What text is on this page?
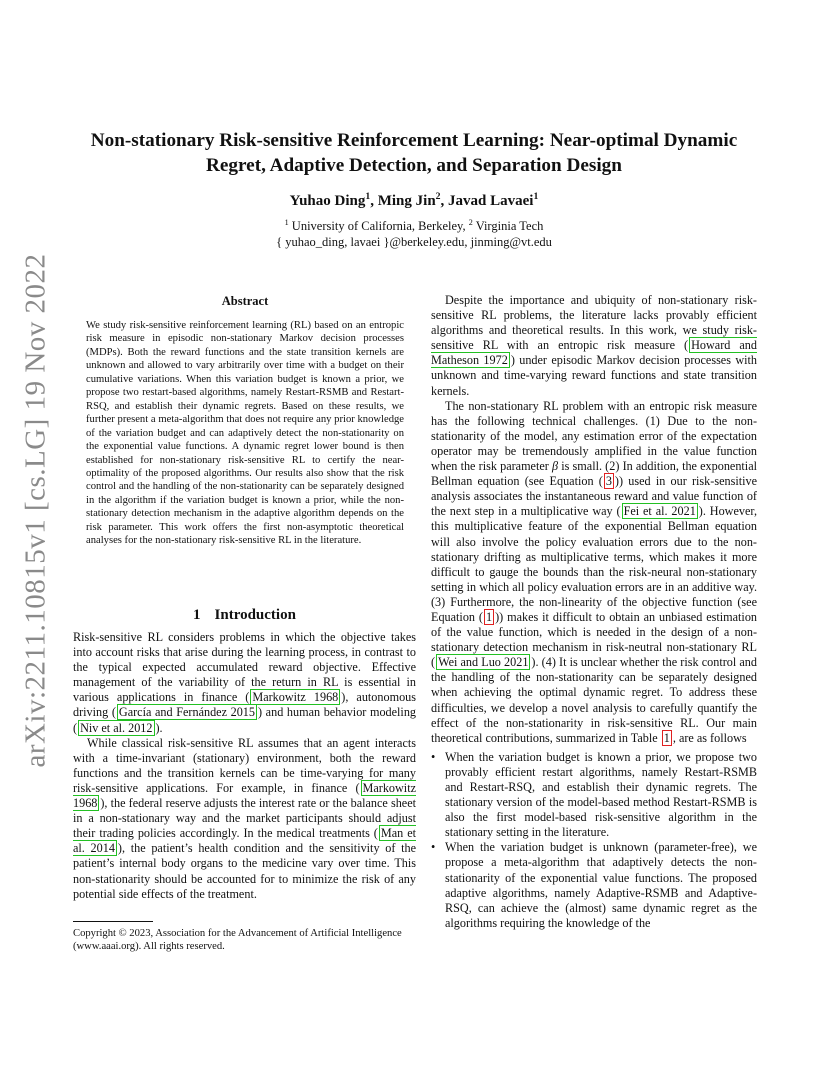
arXiv:2211.10815v1 [cs.LG] 19 Nov 2022
Non-stationary Risk-sensitive Reinforcement Learning: Near-optimal Dynamic Regret, Adaptive Detection, and Separation Design
Yuhao Ding$^1$, Ming Jin$^2$, Javad Lavaei$^1$
$^1$ University of California, Berkeley, $^2$ Virginia Tech
{ yuhao_ding, lavaei }@berkeley.edu, jinming@vt.edu
Abstract
We study risk-sensitive reinforcement learning (RL) based on an entropic risk measure in episodic non-stationary Markov decision processes (MDPs). Both the reward functions and the state transition kernels are unknown and allowed to vary arbitrarily over time with a budget on their cumulative variations. When this variation budget is known a prior, we propose two restart-based algorithms, namely Restart-RSMB and Restart-RSQ, and establish their dynamic regrets. Based on these results, we further present a meta-algorithm that does not require any prior knowledge of the variation budget and can adaptively detect the non-stationarity on the exponential value functions. A dynamic regret lower bound is then established for non-stationary risk-sensitive RL to certify the near-optimality of the proposed algorithms. Our results also show that the risk control and the handling of the non-stationarity can be separately designed in the algorithm if the variation budget is known a prior, while the non-stationary detection mechanism in the adaptive algorithm depends on the risk parameter. This work offers the first non-asymptotic theoretical analyses for the non-stationary risk-sensitive RL in the literature.
1 Introduction

Risk-sensitive RL considers problems in which the objective takes into account risks that arise during the learning process, in contrast to the typical expected accumulated reward objective. Effective management of the variability of the return in RL is essential in various applications in finance ( Markowitz 1968 ), autonomous driving ( García and Fernández 2015 ) and human behavior modeling ( Niv et al. 2012 ).

While classical risk-sensitive RL assumes that an agent interacts with a time-invariant (stationary) environment, both the reward functions and the transition kernels can be time-varying for many risk-sensitive applications. For example, in finance ( Markowitz 1968 ), the federal reserve adjusts the interest rate or the balance sheet in a non-stationary way and the market participants should adjust their trading policies accordingly. In the medical treatments ( Man et al. 2014 ), the patient’s health condition and the sensitivity of the patient’s internal body organs to the medicine vary over time. This non-stationarity should be accounted for to minimize the risk of any potential side effects of the treatment.

Copyright © 2023, Association for the Advancement of Artificial Intelligence (www.aaai.org). All rights reserved.

Despite the importance and ubiquity of non-stationary risk-sensitive RL problems, the literature lacks provably efficient algorithms and theoretical results. In this work, we study risk-sensitive RL with an entropic risk measure ( Howard and Matheson 1972 ) under episodic Markov decision processes with unknown and time-varying reward functions and state transition kernels.

The non-stationary RL problem with an entropic risk measure has the following technical challenges. (1) Due to the non-stationarity of the model, any estimation error of the expectation operator may be tremendously amplified in the value function when the risk parameter β is small. (2) In addition, the exponential Bellman equation (see Equation ( 3 )) used in our risk-sensitive analysis associates the instantaneous reward and value function of the next step in a multiplicative way ( Fei et al. 2021 ). However, this multiplicative feature of the exponential Bellman equation will also involve the policy evaluation errors due to the non-stationary drifting as multiplicative terms, which makes it more difficult to gauge the bounds than the risk-neural non-stationary setting in which all policy evaluation errors are in an additive way. (3) Furthermore, the non-linearity of the objective function (see Equation ( 1 )) makes it difficult to obtain an unbiased estimation of the value function, which is needed in the design of a non-stationary detection mechanism in risk-neutral non-stationary RL ( Wei and Luo 2021 ). (4) It is unclear whether the risk control and the handling of the non-stationarity can be separately designed when achieving the optimal dynamic regret. To address these difficulties, we develop a novel analysis to carefully quantify the effect of the non-stationarity in risk-sensitive RL. Our main theoretical contributions, summarized in Table 1 , are as follows

• When the variation budget is known a prior, we propose two provably efficient restart algorithms, namely Restart-RSMB and Restart-RSQ, and establish their dynamic regrets. The stationary version of the model-based method Restart-RSMB is also the first model-based risk-sensitive algorithm in the stationary setting in the literature.
• When the variation budget is unknown (parameter-free), we propose a meta-algorithm that adaptively detects the non-stationarity of the exponential value functions. The proposed adaptive algorithms, namely Adaptive-RSMB and Adaptive-RSQ, can achieve the (almost) same dynamic regret as the algorithms requiring the knowledge of the
